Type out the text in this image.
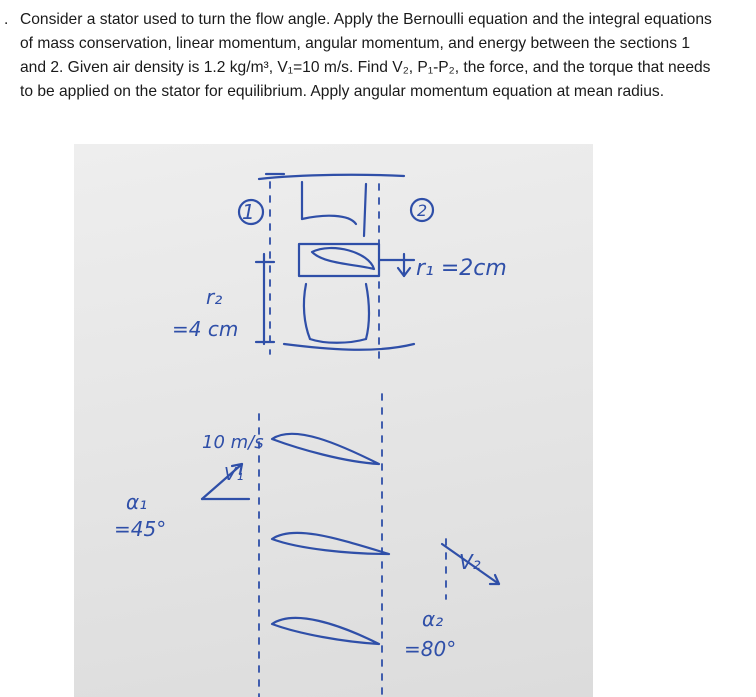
. Consider a stator used to turn the flow angle. Apply the Bernoulli equation and the integral equations of mass conservation, linear momentum, angular momentum, and energy between the sections 1 and 2. Given air density is 1.2 kg/m³, V₁=10 m/s. Find V₂, P₁-P₂, the force, and the torque that needs to be applied on the stator for equilibrium. Apply angular momentum equation at mean radius.
1	2
r₁ =2cm
r₂
=4 cm
10 m/s
V₁
α₁
=45°
V₂
α₂
=80°
